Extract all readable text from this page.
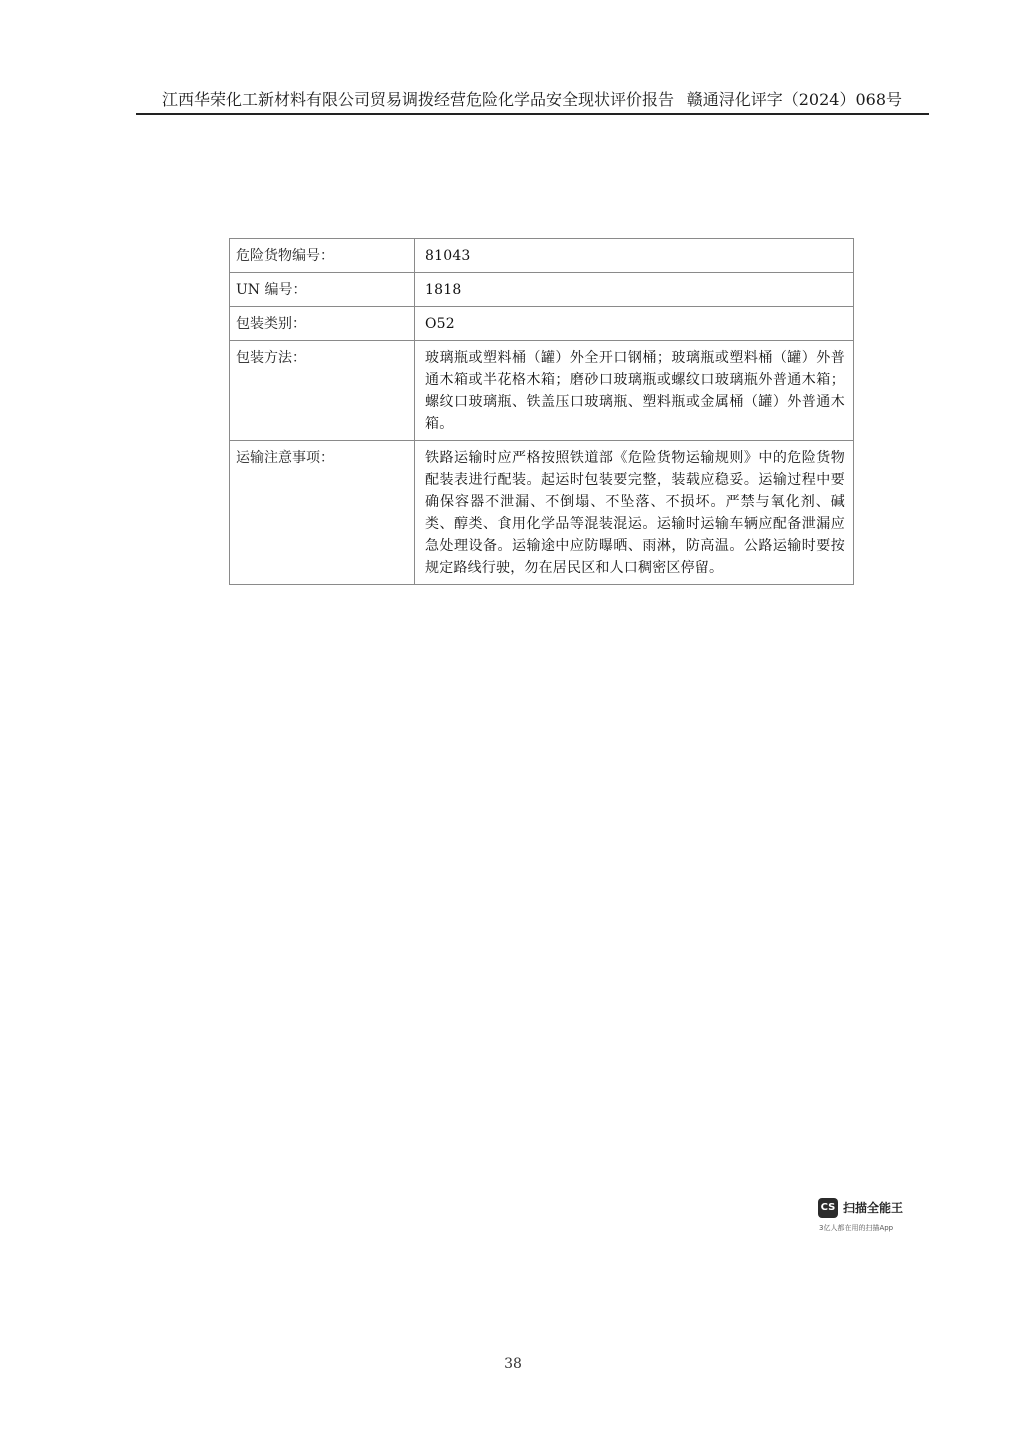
江西华荣化工新材料有限公司贸易调拨经营危险化学品安全现状评价报告 赣通浔化评字（2024）068号
危险货物编号：	81043
UN 编号：	1818
包装类别：	O52
包装方法：	玻璃瓶或塑料桶（罐）外全开口钢桶；玻璃瓶或塑料桶（罐）外普通木箱或半花格木箱；磨砂口玻璃瓶或螺纹口玻璃瓶外普通木箱；螺纹口玻璃瓶、铁盖压口玻璃瓶、塑料瓶或金属桶（罐）外普通木箱。
运输注意事项：	铁路运输时应严格按照铁道部《危险货物运输规则》中的危险货物配装表进行配装。起运时包装要完整，装载应稳妥。运输过程中要确保容器不泄漏、不倒塌、不坠落、不损坏。严禁与氧化剂、碱类、醇类、食用化学品等混装混运。运输时运输车辆应配备泄漏应急处理设备。运输途中应防曝晒、雨淋，防高温。公路运输时要按规定路线行驶，勿在居民区和人口稠密区停留。
CS 扫描全能王
3亿人都在用的扫描App
38
